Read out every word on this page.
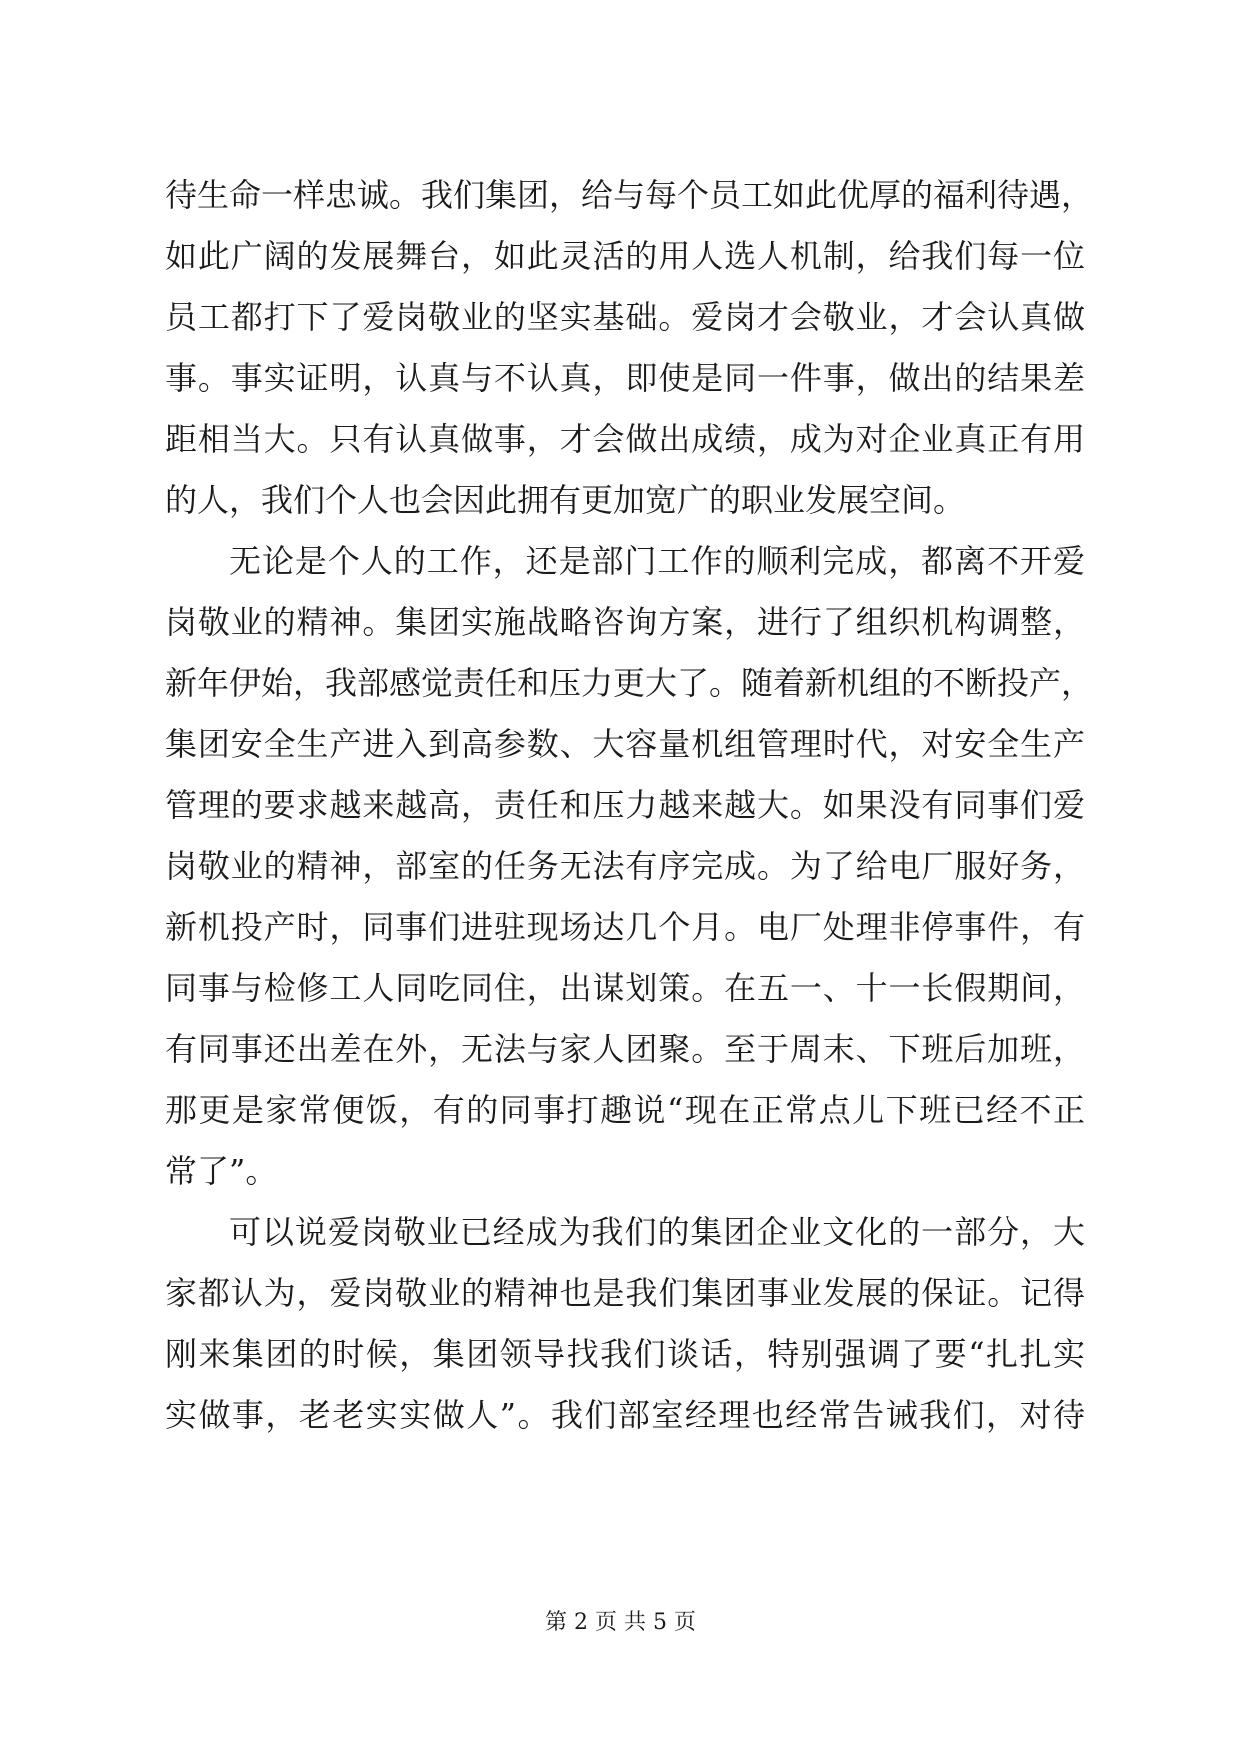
待生命一样忠诚。我们集团，给与每个员工如此优厚的福利待遇，
如此广阔的发展舞台，如此灵活的用人选人机制，给我们每一位
员工都打下了爱岗敬业的坚实基础。爱岗才会敬业，才会认真做
事。事实证明，认真与不认真，即使是同一件事，做出的结果差
距相当大。只有认真做事，才会做出成绩，成为对企业真正有用
的人，我们个人也会因此拥有更加宽广的职业发展空间。
无论是个人的工作，还是部门工作的顺利完成，都离不开爱
岗敬业的精神。集团实施战略咨询方案，进行了组织机构调整，
新年伊始，我部感觉责任和压力更大了。随着新机组的不断投产，
集团安全生产进入到高参数、大容量机组管理时代，对安全生产
管理的要求越来越高，责任和压力越来越大。如果没有同事们爱
岗敬业的精神，部室的任务无法有序完成。为了给电厂服好务，
新机投产时，同事们进驻现场达几个月。电厂处理非停事件，有
同事与检修工人同吃同住，出谋划策。在五一、十一长假期间，
有同事还出差在外，无法与家人团聚。至于周末、下班后加班，
那更是家常便饭，有的同事打趣说“现在正常点儿下班已经不正
常了”。
可以说爱岗敬业已经成为我们的集团企业文化的一部分，大
家都认为，爱岗敬业的精神也是我们集团事业发展的保证。记得
刚来集团的时候，集团领导找我们谈话，特别强调了要“扎扎实
实做事，老老实实做人”。我们部室经理也经常告诫我们，对待
第 2 页 共 5 页
